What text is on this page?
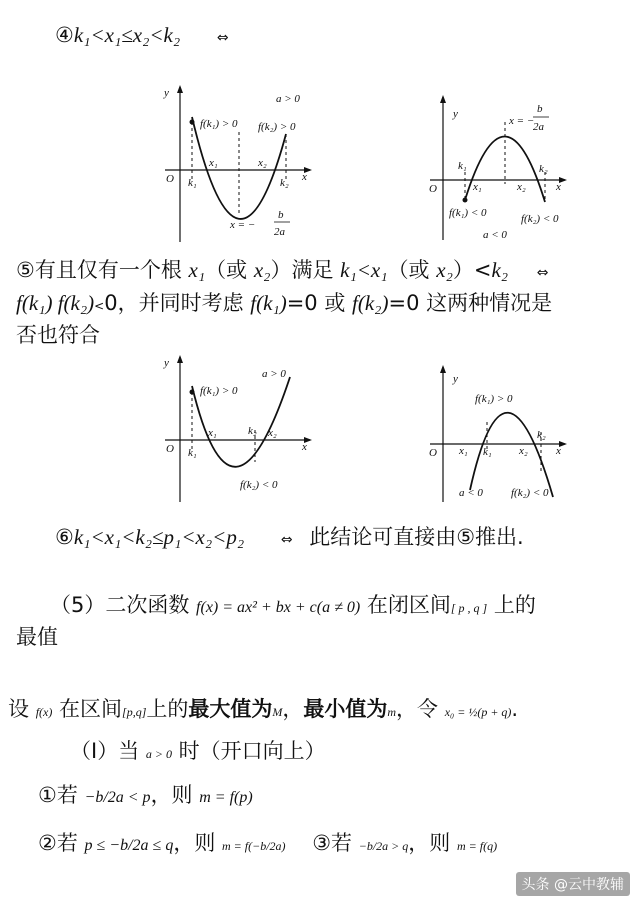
④k₁<x₁≤x₂<k₂	⇔
y
O	x
k₁	k₂
x₁	x₂
f(k₁) > 0 f(k₂) > 0
a > 0
x = −
b
2a
y
O	x
k₁	k₂
x₁	x₂
f(k₁) < 0	f(k₂) < 0
a < 0
x = −
b
2a
⑤有且仅有一个根 x₁（或 x₂）满足 k₁<x₁（或 x₂）<k₂ ⇔
f(k₁) f(k₂)<0，并同时考虑 f(k₁)=0 或 f(k₂)=0 这两种情况是
否也符合
y
O	x
k₁
k₂
x₁	x₂
f(k₁) > 0
f(k₂) < 0
a > 0	y
O	x
k₁
k₂
x₁	x₂
f(k₁) > 0
f(k₂) < 0
a < 0
⑥k₁<x₁<k₂≤p₁<x₂<p₂	⇔ 此结论可直接由⑤推出.
（5）二次函数 f(x) = ax² + bx + c(a ≠ 0) 在闭区间[ p , q ] 上的
最值
设 f(x) 在区间[p,q]上的最大值为M，最小值为m，令 x₀ = ½(p + q).
（Ⅰ）当 a > 0 时（开口向上）
①若 −b/2a < p，则 m = f(p)
②若 p ≤ −b/2a ≤ q，则 m = f(−b/2a) ③若 −b/2a > q，则 m = f(q)
头条 @云中教辅
